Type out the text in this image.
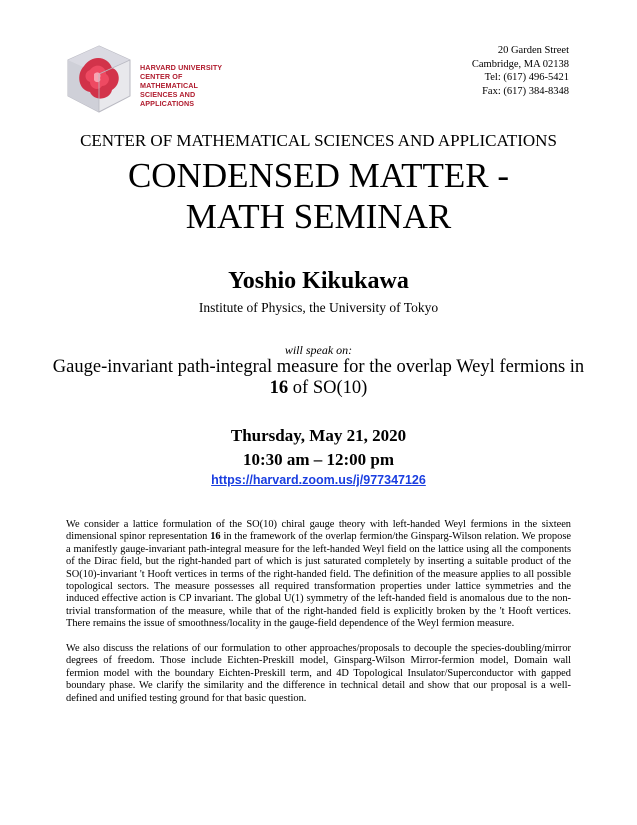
HARVARD UNIVERSITY
CENTER OF MATHEMATICAL
SCIENCES AND APPLICATIONS
20 Garden Street
Cambridge, MA 02138
Tel: (617) 496-5421
Fax: (617) 384-8348
CENTER OF MATHEMATICAL SCIENCES AND APPLICATIONS
CONDENSED MATTER -
MATH SEMINAR
Yoshio Kikukawa
Institute of Physics, the University of Tokyo
will speak on:
Gauge-invariant path-integral measure for the overlap Weyl fermions in 16 of SO(10)
Thursday, May 21, 2020
10:30 am – 12:00 pm
https://harvard.zoom.us/j/977347126

We consider a lattice formulation of the SO(10) chiral gauge theory with left-handed Weyl fermions in the sixteen dimensional spinor representation 16 in the framework of the overlap fermion/the Ginsparg-Wilson relation. We propose a manifestly gauge-invariant path-integral measure for the left-handed Weyl field on the lattice using all the components of the Dirac field, but the right-handed part of which is just saturated completely by inserting a suitable product of the SO(10)-invariant 't Hooft vertices in terms of the right-handed field. The definition of the measure applies to all possible topological sectors. The measure possesses all required transformation properties under lattice symmetries and the induced effective action is CP invariant. The global U(1) symmetry of the left-handed field is anomalous due to the non-trivial transformation of the measure, while that of the right-handed field is explicitly broken by the 't Hooft vertices. There remains the issue of smoothness/locality in the gauge-field dependence of the Weyl fermion measure.

We also discuss the relations of our formulation to other approaches/proposals to decouple the species-doubling/mirror degrees of freedom. Those include Eichten-Preskill model, Ginsparg-Wilson Mirror-fermion model, Domain wall fermion model with the boundary Eichten-Preskill term, and 4D Topological Insulator/Superconductor with gapped boundary phase. We clarify the similarity and the difference in technical detail and show that our proposal is a well-defined and unified testing ground for that basic question.
